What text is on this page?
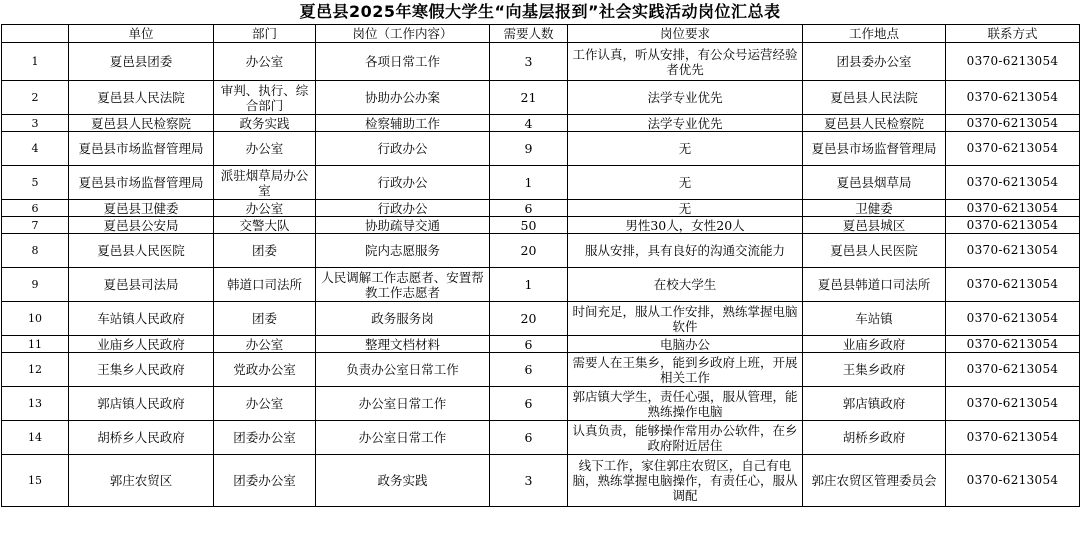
夏邑县2025年寒假大学生“向基层报到”社会实践活动岗位汇总表
	单位	部门	岗位（工作内容）	需要人数	岗位要求	工作地点	联系方式
1	夏邑县团委	办公室	各项日常工作	3	工作认真，听从安排，有公众号运营经验者优先	团县委办公室	0370-6213054
2	夏邑县人民法院	审判、执行、综合部门	协助办公办案	21	法学专业优先	夏邑县人民法院	0370-6213054
3	夏邑县人民检察院	政务实践	检察辅助工作	4	法学专业优先	夏邑县人民检察院	0370-6213054
4	夏邑县市场监督管理局	办公室	行政办公	9	无	夏邑县市场监督管理局	0370-6213054
5	夏邑县市场监督管理局	派驻烟草局办公室	行政办公	1	无	夏邑县烟草局	0370-6213054
6	夏邑县卫健委	办公室	行政办公	6	无	卫健委	0370-6213054
7	夏邑县公安局	交警大队	协助疏导交通	50	男性30人，女性20人	夏邑县城区	0370-6213054
8	夏邑县人民医院	团委	院内志愿服务	20	服从安排，具有良好的沟通交流能力	夏邑县人民医院	0370-6213054
9	夏邑县司法局	韩道口司法所	人民调解工作志愿者、安置帮教工作志愿者	1	在校大学生	夏邑县韩道口司法所	0370-6213054
10	车站镇人民政府	团委	政务服务岗	20	时间充足，服从工作安排，熟练掌握电脑软件	车站镇	0370-6213054
11	业庙乡人民政府	办公室	整理文档材料	6	电脑办公	业庙乡政府	0370-6213054
12	王集乡人民政府	党政办公室	负责办公室日常工作	6	需要人在王集乡，能到乡政府上班，开展相关工作	王集乡政府	0370-6213054
13	郭店镇人民政府	办公室	办公室日常工作	6	郭店镇大学生，责任心强，服从管理，能熟练操作电脑	郭店镇政府	0370-6213054
14	胡桥乡人民政府	团委办公室	办公室日常工作	6	认真负责，能够操作常用办公软件，在乡政府附近居住	胡桥乡政府	0370-6213054
15	郭庄农贸区	团委办公室	政务实践	3	线下工作，家住郭庄农贸区，自己有电脑，熟练掌握电脑操作，有责任心，服从调配	郭庄农贸区管理委员会	0370-6213054
